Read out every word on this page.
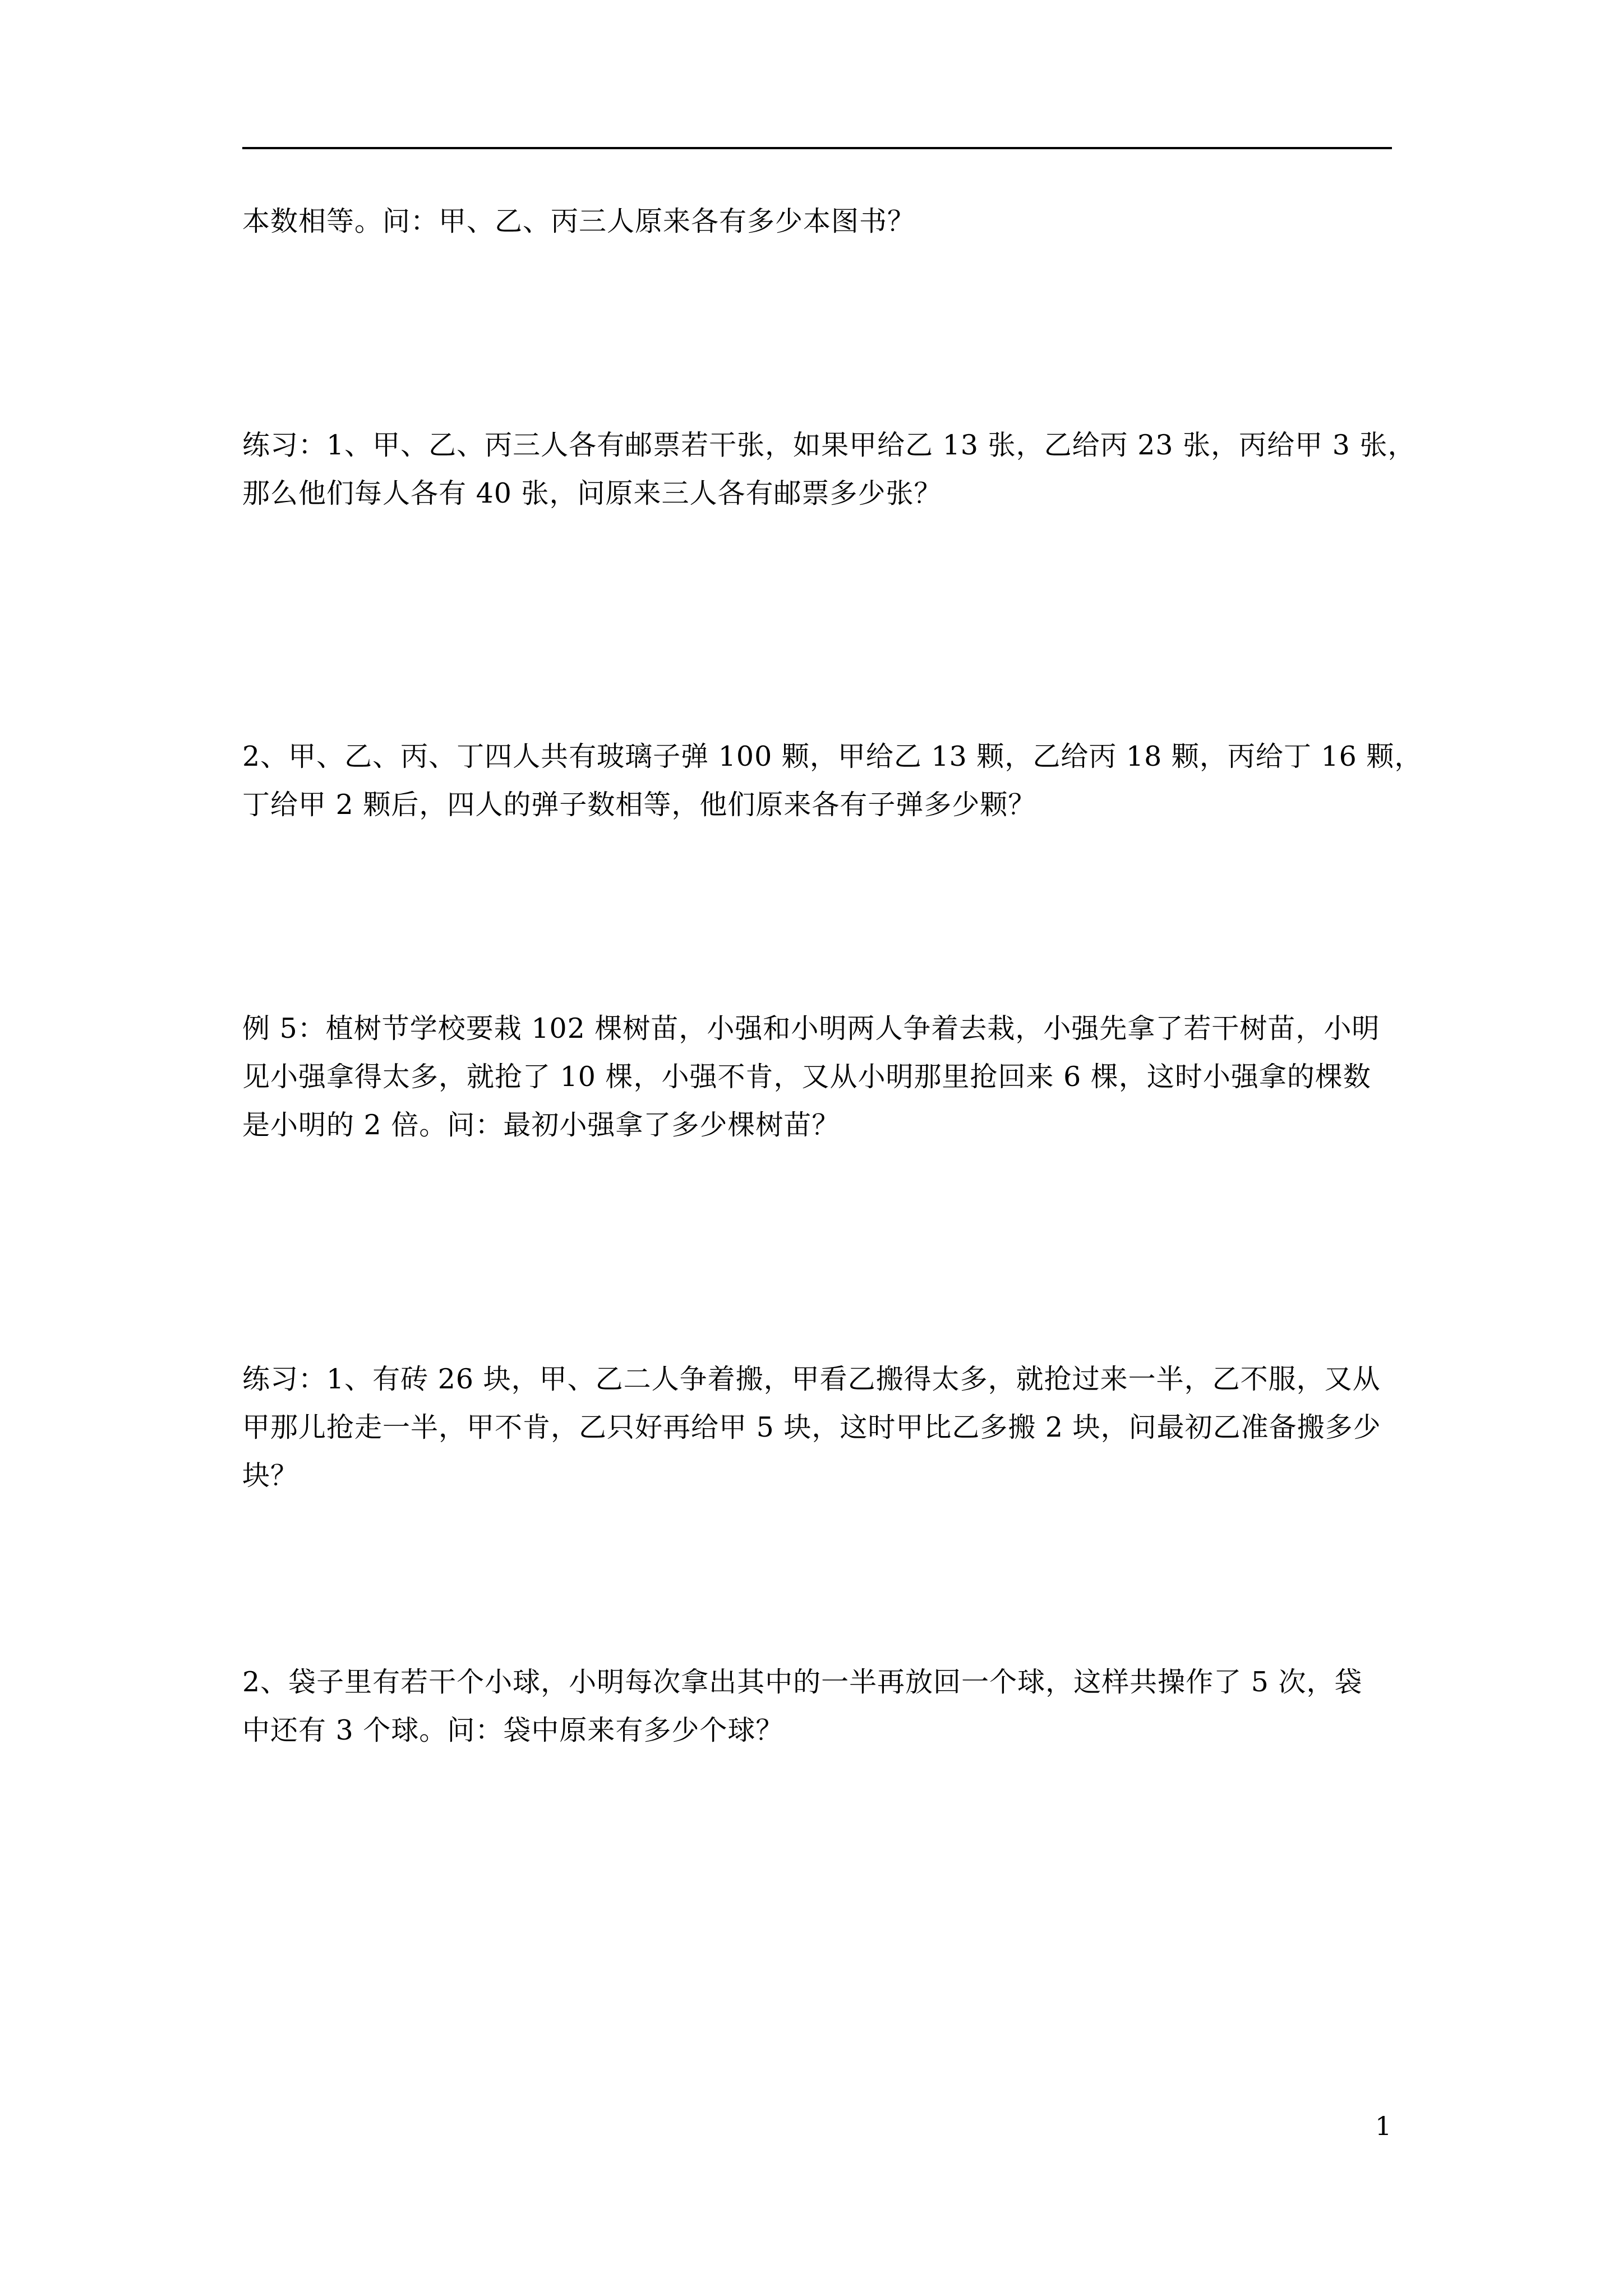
本数相等。问：甲、乙、丙三人原来各有多少本图书？

练习：1、甲、乙、丙三人各有邮票若干张，如果甲给乙 13 张，乙给丙 23 张，丙给甲 3 张，
那么他们每人各有 40 张，问原来三人各有邮票多少张？

2、甲、乙、丙、丁四人共有玻璃子弹 100 颗，甲给乙 13 颗，乙给丙 18 颗，丙给丁 16 颗，
丁给甲 2 颗后，四人的弹子数相等，他们原来各有子弹多少颗？

例 5：植树节学校要栽 102 棵树苗，小强和小明两人争着去栽，小强先拿了若干树苗，小明
见小强拿得太多，就抢了 10 棵，小强不肯，又从小明那里抢回来 6 棵，这时小强拿的棵数
是小明的 2 倍。问：最初小强拿了多少棵树苗？

练习：1、有砖 26 块，甲、乙二人争着搬，甲看乙搬得太多，就抢过来一半，乙不服，又从
甲那儿抢走一半，甲不肯，乙只好再给甲 5 块，这时甲比乙多搬 2 块，问最初乙准备搬多少
块？

2、袋子里有若干个小球，小明每次拿出其中的一半再放回一个球，这样共操作了 5 次，袋
中还有 3 个球。问：袋中原来有多少个球？

1
